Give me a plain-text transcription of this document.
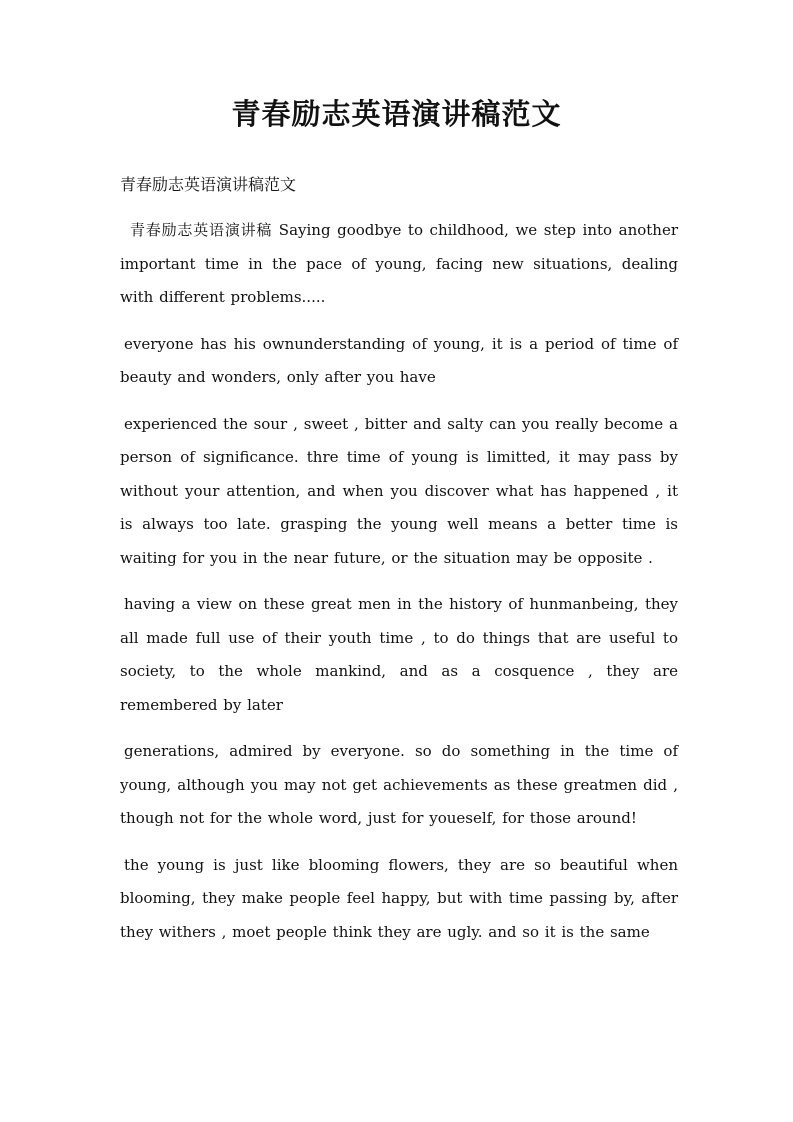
青春励志英语演讲稿范文

青春励志英语演讲稿范文

青春励志英语演讲稿 Saying goodbye to childhood, we step into another important time in the pace of young, facing new situations, dealing with different problems.....

everyone has his ownunderstanding of young, it is a period of time of beauty and wonders, only after you have

experienced the sour , sweet , bitter and salty can you really become a person of significance. thre time of young is limitted, it may pass by without your attention, and when you discover what has happened , it is always too late. grasping the young well means a better time is waiting for you in the near future, or the situation may be opposite .

having a view on these great men in the history of hunmanbeing, they all made full use of their youth time , to do things that are useful to society, to the whole mankind, and as a cosquence , they are remembered by later

generations, admired by everyone. so do something in the time of young, although you may not get achievements as these greatmen did , though not for the whole word, just for youeself, for those around!

the young is just like blooming flowers, they are so beautiful when blooming, they make people feel happy, but with time passing by, after they withers , moet people think they are ugly. and so it is the same
